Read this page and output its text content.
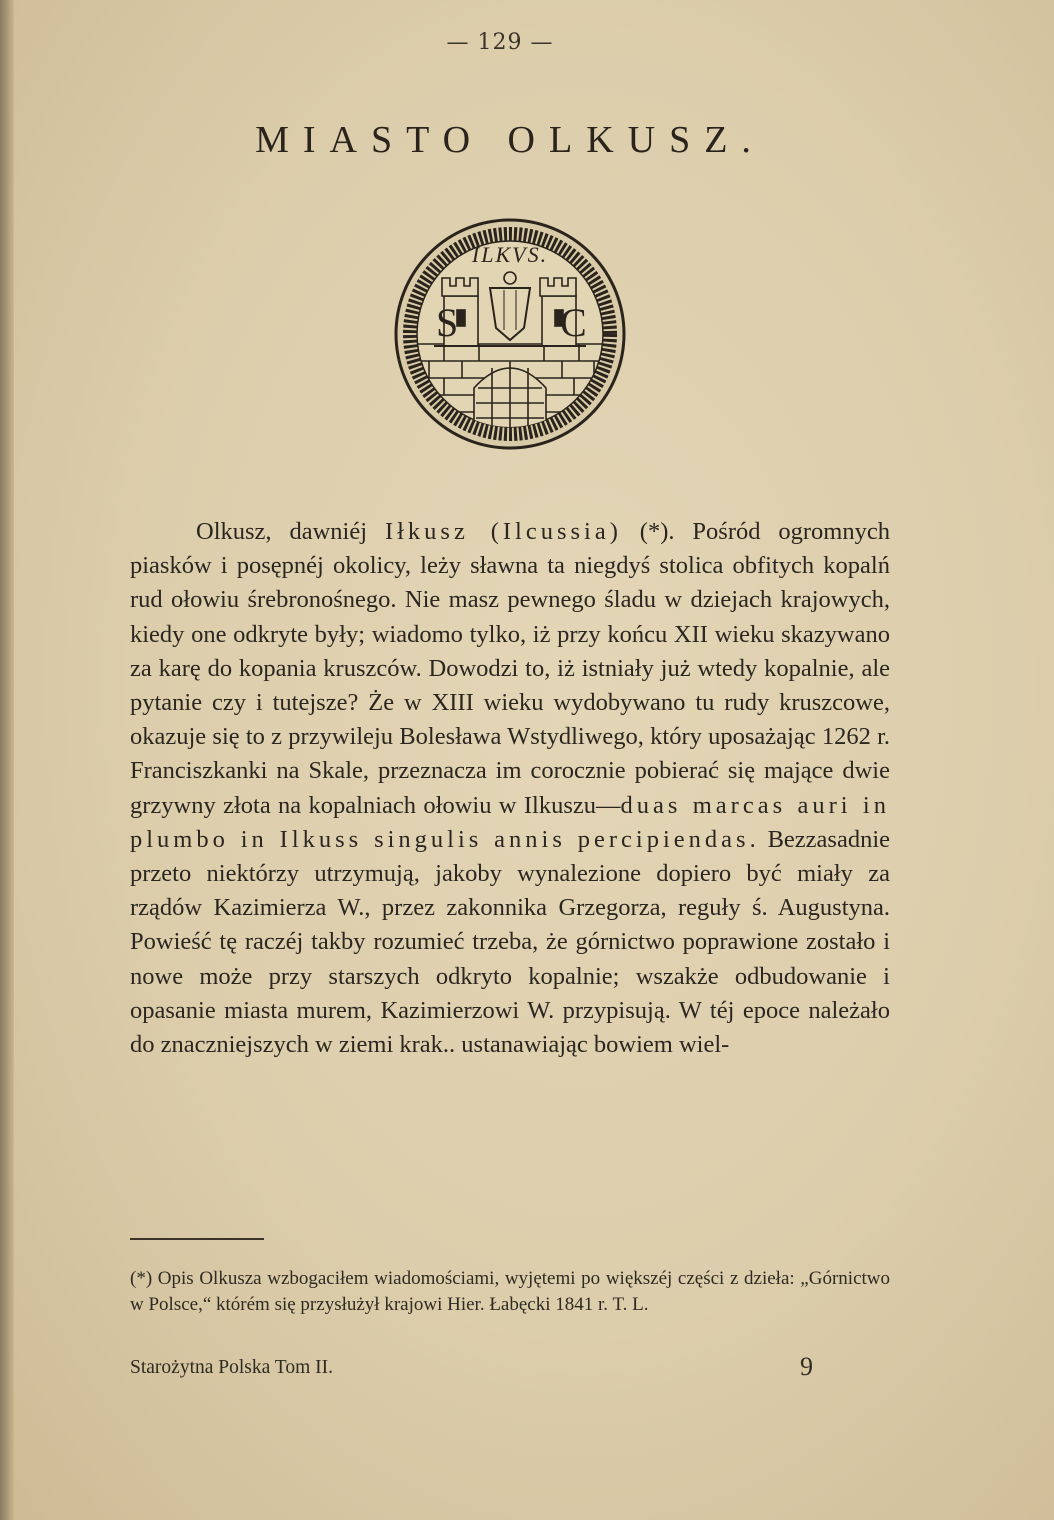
— 129 —
MIASTO OLKUSZ.
ILKVS.
S	C
Olkusz, dawniéj Iłkusz (Ilcussia) (*). Pośród ogromnych piasków i posępnéj okolicy, leży sławna ta niegdyś stolica obfitych kopalń rud ołowiu śrebronośnego. Nie masz pewnego śladu w dziejach krajowych, kiedy one odkryte były; wiadomo tylko, iż przy końcu XII wieku skazywano za karę do kopania kruszców. Dowodzi to, iż istniały już wtedy kopalnie, ale pytanie czy i tutejsze? Że w XIII wieku wydobywano tu rudy kruszcowe, okazuje się to z przywileju Bolesława Wstydliwego, który uposażając 1262 r. Franciszkanki na Skale, przeznacza im corocznie pobierać się mające dwie grzywny złota na kopalniach ołowiu w Ilkuszu—duas marcas auri in plumbo in Ilkuss singulis annis percipiendas. Bezzasadnie przeto niektórzy utrzymują, jakoby wynalezione dopiero być miały za rządów Kazimierza W., przez zakonnika Grzegorza, reguły ś. Augustyna. Powieść tę raczéj takby rozumieć trzeba, że górnictwo poprawione zostało i nowe może przy starszych odkryto kopalnie; wszakże odbudowanie i opasanie miasta murem, Kazimierzowi W. przypisują. W téj epoce należało do znaczniejszych w ziemi krak.. ustanawiając bowiem wiel-
(*) Opis Olkusza wzbogaciłem wiadomościami, wyjętemi po większéj części z dzieła: „Górnictwo w Polsce,“ którém się przysłużył krajowi Hier. Łabęcki 1841 r. T. L.
Starożytna Polska Tom II.	9
